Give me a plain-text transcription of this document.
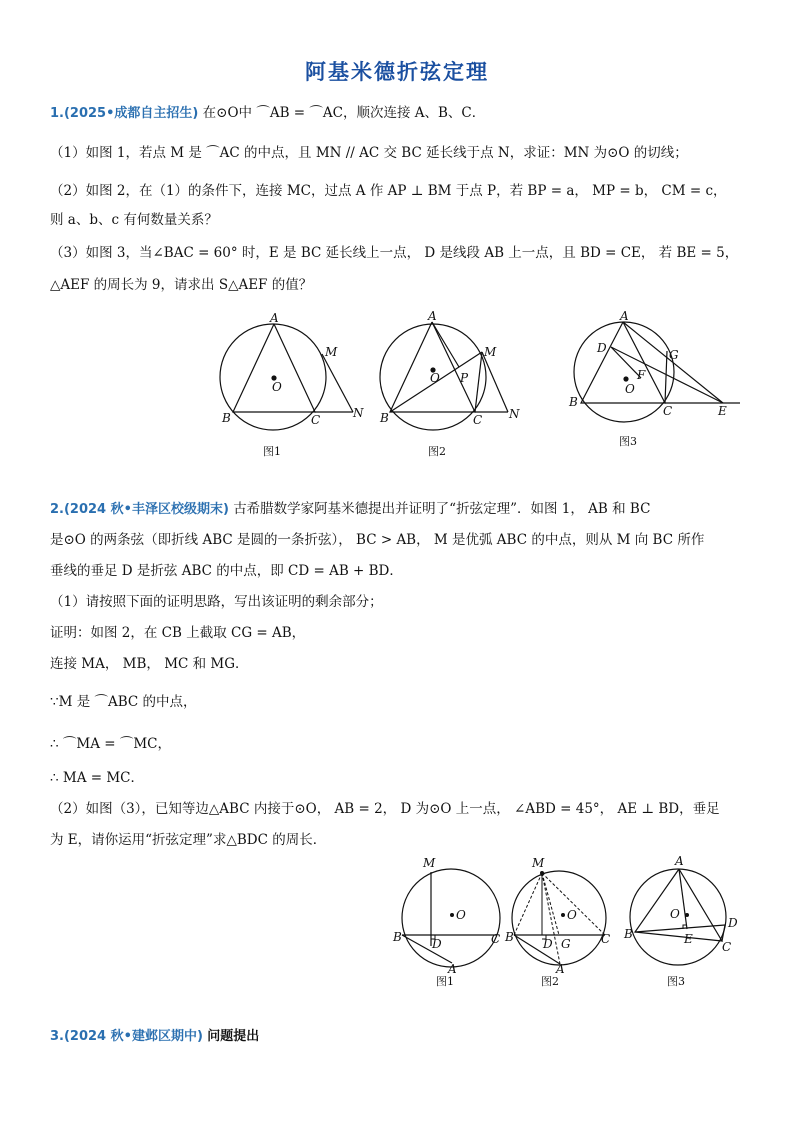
阿基米德折弦定理
1.(2025•成都自主招生) 在⊙O中 ⌒AB = ⌒AC，顺次连接 A、B、C．
（1）如图 1，若点 M 是 ⌒AC 的中点，且 MN // AC 交 BC 延长线于点 N，求证：MN 为⊙O 的切线；
（2）如图 2，在（1）的条件下，连接 MC，过点 A 作 AP ⊥ BM 于点 P，若 BP = a， MP = b， CM = c，
则 a、b、c 有何数量关系？
（3）如图 3，当∠BAC = 60° 时，E 是 BC 延长线上一点， D 是线段 AB 上一点，且 BD = CE， 若 BE = 5，
△AEF 的周长为 9，请求出 S△AEF 的值？
A
B	C
M
N
O
图1
A
B	C
M
N
O P
图2
A
B
C
D
E
F
G
O
图3
2.(2024 秋•丰泽区校级期末) 古希腊数学家阿基米德提出并证明了“折弦定理”．如图 1， AB 和 BC
是⊙O 的两条弦（即折线 ABC 是圆的一条折弦）， BC > AB， M 是优弧 ABC 的中点，则从 M 向 BC 所作
垂线的垂足 D 是折弦 ABC 的中点，即 CD = AB + BD．
（1）请按照下面的证明思路，写出该证明的剩余部分；
证明：如图 2，在 CB 上截取 CG = AB，
连接 MA， MB， MC 和 MG．
∵M 是 ⌒ABC 的中点，
∴ ⌒MA = ⌒MC，
∴ MA = MC．
（2）如图（3），已知等边△ABC 内接于⊙O， AB = 2， D 为⊙O 上一点， ∠ABD = 45°， AE ⊥ BD，垂足
为 E，请你运用“折弦定理”求△BDC 的周长．
M
O
B	D	C
A
图1
M
O
B D G	C
A
图2
A
O
B	E
D
C
图3
3.(2024 秋•建邺区期中) 问题提出
